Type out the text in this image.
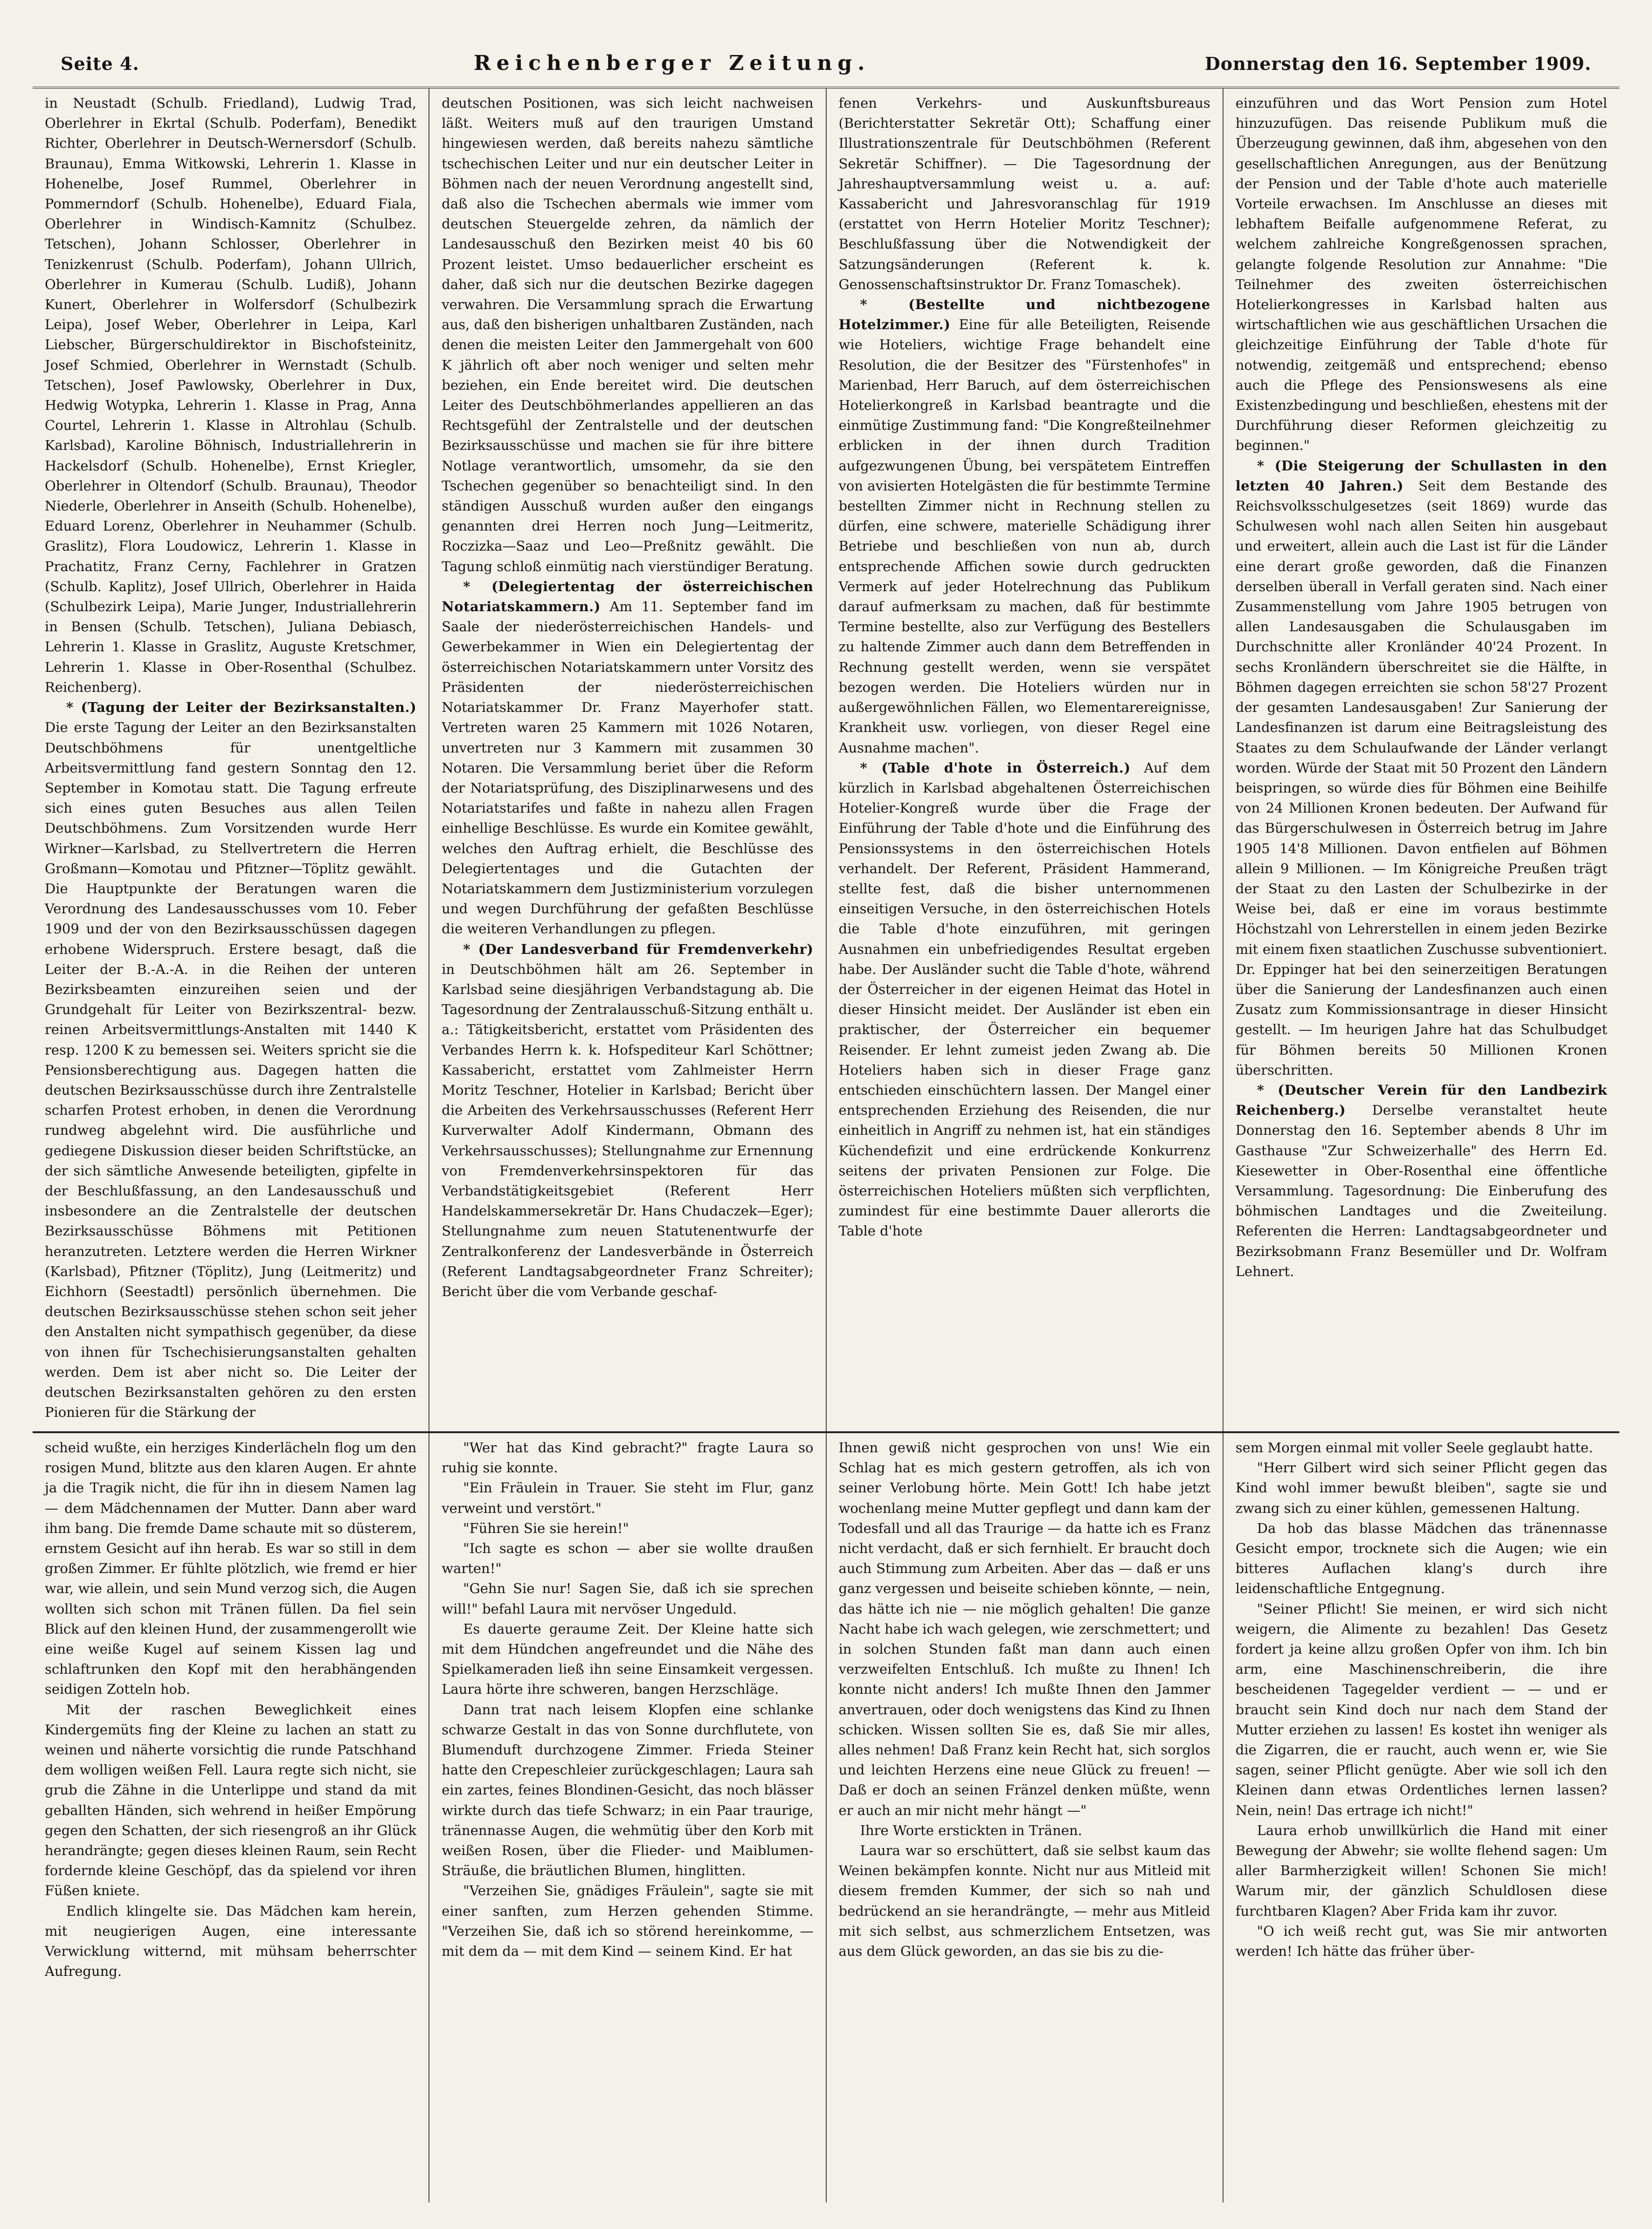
Seite 4.	Reichenberger Zeitung.	Donnerstag den 16. September 1909.

in Neustadt (Schulb. Friedland), Ludwig Trad, Oberlehrer in Ekrtal (Schulb. Poderfam), Benedikt Richter, Oberlehrer in Deutsch-Wernersdorf (Schulb. Braunau), Emma Witkowski, Lehrerin 1. Klasse in Hohenelbe, Josef Rummel, Oberlehrer in Pommerndorf (Schulb. Hohenelbe), Eduard Fiala, Oberlehrer in Windisch-Kamnitz (Schulbez. Tetschen), Johann Schlosser, Oberlehrer in Tenizkenrust (Schulb. Poderfam), Johann Ullrich, Oberlehrer in Kumerau (Schulb. Ludiß), Johann Kunert, Oberlehrer in Wolfersdorf (Schulbezirk Leipa), Josef Weber, Oberlehrer in Leipa, Karl Liebscher, Bürgerschuldirektor in Bischofsteinitz, Josef Schmied, Oberlehrer in Wernstadt (Schulb. Tetschen), Josef Pawlowsky, Oberlehrer in Dux, Hedwig Wotypka, Lehrerin 1. Klasse in Prag, Anna Courtel, Lehrerin 1. Klasse in Altrohlau (Schulb. Karlsbad), Karoline Böhnisch, Industriallehrerin in Hackelsdorf (Schulb. Hohenelbe), Ernst Kriegler, Oberlehrer in Oltendorf (Schulb. Braunau), Theodor Niederle, Oberlehrer in Anseith (Schulb. Hohenelbe), Eduard Lorenz, Oberlehrer in Neuhammer (Schulb. Graslitz), Flora Loudowicz, Lehrerin 1. Klasse in Prachatitz, Franz Cerny, Fachlehrer in Gratzen (Schulb. Kaplitz), Josef Ullrich, Oberlehrer in Haida (Schulbezirk Leipa), Marie Junger, Industriallehrerin in Bensen (Schulb. Tetschen), Juliana Debiasch, Lehrerin 1. Klasse in Graslitz, Auguste Kretschmer, Lehrerin 1. Klasse in Ober-Rosenthal (Schulbez. Reichenberg).

* (Tagung der Leiter der Bezirksanstalten.) Die erste Tagung der Leiter an den Bezirksanstalten Deutschböhmens für unentgeltliche Arbeitsvermittlung fand gestern Sonntag den 12. September in Komotau statt. Die Tagung erfreute sich eines guten Besuches aus allen Teilen Deutschböhmens. Zum Vorsitzenden wurde Herr Wirkner—Karlsbad, zu Stellvertretern die Herren Großmann—Komotau und Pfitzner—Töplitz gewählt. Die Hauptpunkte der Beratungen waren die Verordnung des Landesausschusses vom 10. Feber 1909 und der von den Bezirksausschüssen dagegen erhobene Widerspruch. Erstere besagt, daß die Leiter der B.-A.-A. in die Reihen der unteren Bezirksbeamten einzureihen seien und der Grundgehalt für Leiter von Bezirkszentral- bezw. reinen Arbeitsvermittlungs-Anstalten mit 1440 K resp. 1200 K zu bemessen sei. Weiters spricht sie die Pensionsberechtigung aus. Dagegen hatten die deutschen Bezirksausschüsse durch ihre Zentralstelle scharfen Protest erhoben, in denen die Verordnung rundweg abgelehnt wird. Die ausführliche und gediegene Diskussion dieser beiden Schriftstücke, an der sich sämtliche Anwesende beteiligten, gipfelte in der Beschlußfassung, an den Landesausschuß und insbesondere an die Zentralstelle der deutschen Bezirksausschüsse Böhmens mit Petitionen heranzutreten. Letztere werden die Herren Wirkner (Karlsbad), Pfitzner (Töplitz), Jung (Leitmeritz) und Eichhorn (Seestadtl) persönlich übernehmen. Die deutschen Bezirksausschüsse stehen schon seit jeher den Anstalten nicht sympathisch gegenüber, da diese von ihnen für Tschechisierungsanstalten gehalten werden. Dem ist aber nicht so. Die Leiter der deutschen Bezirksanstalten gehören zu den ersten Pionieren für die Stärkung der

deutschen Positionen, was sich leicht nachweisen läßt. Weiters muß auf den traurigen Umstand hingewiesen werden, daß bereits nahezu sämtliche tschechischen Leiter und nur ein deutscher Leiter in Böhmen nach der neuen Verordnung angestellt sind, daß also die Tschechen abermals wie immer vom deutschen Steuergelde zehren, da nämlich der Landesausschuß den Bezirken meist 40 bis 60 Prozent leistet. Umso bedauerlicher erscheint es daher, daß sich nur die deutschen Bezirke dagegen verwahren. Die Versammlung sprach die Erwartung aus, daß den bisherigen unhaltbaren Zuständen, nach denen die meisten Leiter den Jammergehalt von 600 K jährlich oft aber noch weniger und selten mehr beziehen, ein Ende bereitet wird. Die deutschen Leiter des Deutschböhmerlandes appellieren an das Rechtsgefühl der Zentralstelle und der deutschen Bezirksausschüsse und machen sie für ihre bittere Notlage verantwortlich, umsomehr, da sie den Tschechen gegenüber so benachteiligt sind. In den ständigen Ausschuß wurden außer den eingangs genannten drei Herren noch Jung—Leitmeritz, Roczizka—Saaz und Leo—Preßnitz gewählt. Die Tagung schloß einmütig nach vierstündiger Beratung.

* (Delegiertentag der österreichischen Notariatskammern.) Am 11. September fand im Saale der niederösterreichischen Handels- und Gewerbekammer in Wien ein Delegiertentag der österreichischen Notariatskammern unter Vorsitz des Präsidenten der niederösterreichischen Notariatskammer Dr. Franz Mayerhofer statt. Vertreten waren 25 Kammern mit 1026 Notaren, unvertreten nur 3 Kammern mit zusammen 30 Notaren. Die Versammlung beriet über die Reform der Notariatsprüfung, des Disziplinarwesens und des Notariatstarifes und faßte in nahezu allen Fragen einhellige Beschlüsse. Es wurde ein Komitee gewählt, welches den Auftrag erhielt, die Beschlüsse des Delegiertentages und die Gutachten der Notariatskammern dem Justizministerium vorzulegen und wegen Durchführung der gefaßten Beschlüsse die weiteren Verhandlungen zu pflegen.

* (Der Landesverband für Fremdenverkehr) in Deutschböhmen hält am 26. September in Karlsbad seine diesjährigen Verbandstagung ab. Die Tagesordnung der Zentralausschuß-Sitzung enthält u. a.: Tätigkeitsbericht, erstattet vom Präsidenten des Verbandes Herrn k. k. Hofspediteur Karl Schöttner; Kassabericht, erstattet vom Zahlmeister Herrn Moritz Teschner, Hotelier in Karlsbad; Bericht über die Arbeiten des Verkehrsausschusses (Referent Herr Kurverwalter Adolf Kindermann, Obmann des Verkehrsausschusses); Stellungnahme zur Ernennung von Fremdenverkehrsinspektoren für das Verbandstätigkeitsgebiet (Referent Herr Handelskammersekretär Dr. Hans Chudaczek—Eger); Stellungnahme zum neuen Statutenentwurfe der Zentralkonferenz der Landesverbände in Österreich (Referent Landtagsabgeordneter Franz Schreiter); Bericht über die vom Verbande geschaf-

fenen Verkehrs- und Auskunftsbureaus (Berichterstatter Sekretär Ott); Schaffung einer Illustrationszentrale für Deutschböhmen (Referent Sekretär Schiffner). — Die Tagesordnung der Jahreshauptversammlung weist u. a. auf: Kassabericht und Jahresvoranschlag für 1919 (erstattet von Herrn Hotelier Moritz Teschner); Beschlußfassung über die Notwendigkeit der Satzungsänderungen (Referent k. k. Genossenschaftsinstruktor Dr. Franz Tomaschek).

* (Bestellte und nichtbezogene Hotelzimmer.) Eine für alle Beteiligten, Reisende wie Hoteliers, wichtige Frage behandelt eine Resolution, die der Besitzer des "Fürstenhofes" in Marienbad, Herr Baruch, auf dem österreichischen Hotelierkongreß in Karlsbad beantragte und die einmütige Zustimmung fand: "Die Kongreßteilnehmer erblicken in der ihnen durch Tradition aufgezwungenen Übung, bei verspätetem Eintreffen von avisierten Hotelgästen die für bestimmte Termine bestellten Zimmer nicht in Rechnung stellen zu dürfen, eine schwere, materielle Schädigung ihrer Betriebe und beschließen von nun ab, durch entsprechende Affichen sowie durch gedruckten Vermerk auf jeder Hotelrechnung das Publikum darauf aufmerksam zu machen, daß für bestimmte Termine bestellte, also zur Verfügung des Bestellers zu haltende Zimmer auch dann dem Betreffenden in Rechnung gestellt werden, wenn sie verspätet bezogen werden. Die Hoteliers würden nur in außergewöhnlichen Fällen, wo Elementarereignisse, Krankheit usw. vorliegen, von dieser Regel eine Ausnahme machen".

* (Table d'hote in Österreich.) Auf dem kürzlich in Karlsbad abgehaltenen Österreichischen Hotelier-Kongreß wurde über die Frage der Einführung der Table d'hote und die Einführung des Pensionssystems in den österreichischen Hotels verhandelt. Der Referent, Präsident Hammerand, stellte fest, daß die bisher unternommenen einseitigen Versuche, in den österreichischen Hotels die Table d'hote einzuführen, mit geringen Ausnahmen ein unbefriedigendes Resultat ergeben habe. Der Ausländer sucht die Table d'hote, während der Österreicher in der eigenen Heimat das Hotel in dieser Hinsicht meidet. Der Ausländer ist eben ein praktischer, der Österreicher ein bequemer Reisender. Er lehnt zumeist jeden Zwang ab. Die Hoteliers haben sich in dieser Frage ganz entschieden einschüchtern lassen. Der Mangel einer entsprechenden Erziehung des Reisenden, die nur einheitlich in Angriff zu nehmen ist, hat ein ständiges Küchendefizit und eine erdrückende Konkurrenz seitens der privaten Pensionen zur Folge. Die österreichischen Hoteliers müßten sich verpflichten, zumindest für eine bestimmte Dauer allerorts die Table d'hote

einzuführen und das Wort Pension zum Hotel hinzuzufügen. Das reisende Publikum muß die Überzeugung gewinnen, daß ihm, abgesehen von den gesellschaftlichen Anregungen, aus der Benützung der Pension und der Table d'hote auch materielle Vorteile erwachsen. Im Anschlusse an dieses mit lebhaftem Beifalle aufgenommene Referat, zu welchem zahlreiche Kongreßgenossen sprachen, gelangte folgende Resolution zur Annahme: "Die Teilnehmer des zweiten österreichischen Hotelierkongresses in Karlsbad halten aus wirtschaftlichen wie aus geschäftlichen Ursachen die gleichzeitige Einführung der Table d'hote für notwendig, zeitgemäß und entsprechend; ebenso auch die Pflege des Pensionswesens als eine Existenzbedingung und beschließen, ehestens mit der Durchführung dieser Reformen gleichzeitig zu beginnen."

* (Die Steigerung der Schullasten in den letzten 40 Jahren.) Seit dem Bestande des Reichsvolksschulgesetzes (seit 1869) wurde das Schulwesen wohl nach allen Seiten hin ausgebaut und erweitert, allein auch die Last ist für die Länder eine derart große geworden, daß die Finanzen derselben überall in Verfall geraten sind. Nach einer Zusammenstellung vom Jahre 1905 betrugen von allen Landesausgaben die Schulausgaben im Durchschnitte aller Kronländer 40'24 Prozent. In sechs Kronländern überschreitet sie die Hälfte, in Böhmen dagegen erreichten sie schon 58'27 Prozent der gesamten Landesausgaben! Zur Sanierung der Landesfinanzen ist darum eine Beitragsleistung des Staates zu dem Schulaufwande der Länder verlangt worden. Würde der Staat mit 50 Prozent den Ländern beispringen, so würde dies für Böhmen eine Beihilfe von 24 Millionen Kronen bedeuten. Der Aufwand für das Bürgerschulwesen in Österreich betrug im Jahre 1905 14'8 Millionen. Davon entfielen auf Böhmen allein 9 Millionen. — Im Königreiche Preußen trägt der Staat zu den Lasten der Schulbezirke in der Weise bei, daß er eine im voraus bestimmte Höchstzahl von Lehrerstellen in einem jeden Bezirke mit einem fixen staatlichen Zuschusse subventioniert. Dr. Eppinger hat bei den seinerzeitigen Beratungen über die Sanierung der Landesfinanzen auch einen Zusatz zum Kommissionsantrage in dieser Hinsicht gestellt. — Im heurigen Jahre hat das Schulbudget für Böhmen bereits 50 Millionen Kronen überschritten.

* (Deutscher Verein für den Landbezirk Reichenberg.) Derselbe veranstaltet heute Donnerstag den 16. September abends 8 Uhr im Gasthause "Zur Schweizerhalle" des Herrn Ed. Kiesewetter in Ober-Rosenthal eine öffentliche Versammlung. Tagesordnung: Die Einberufung des böhmischen Landtages und die Zweiteilung. Referenten die Herren: Landtagsabgeordneter und Bezirksobmann Franz Besemüller und Dr. Wolfram Lehnert.

scheid wußte, ein herziges Kinderlächeln flog um den rosigen Mund, blitzte aus den klaren Augen. Er ahnte ja die Tragik nicht, die für ihn in diesem Namen lag — dem Mädchennamen der Mutter. Dann aber ward ihm bang. Die fremde Dame schaute mit so düsterem, ernstem Gesicht auf ihn herab. Es war so still in dem großen Zimmer. Er fühlte plötzlich, wie fremd er hier war, wie allein, und sein Mund verzog sich, die Augen wollten sich schon mit Tränen füllen. Da fiel sein Blick auf den kleinen Hund, der zusammengerollt wie eine weiße Kugel auf seinem Kissen lag und schlaftrunken den Kopf mit den herabhängenden seidigen Zotteln hob.

Mit der raschen Beweglichkeit eines Kindergemüts fing der Kleine zu lachen an statt zu weinen und näherte vorsichtig die runde Patschhand dem wolligen weißen Fell. Laura regte sich nicht, sie grub die Zähne in die Unterlippe und stand da mit geballten Händen, sich wehrend in heißer Empörung gegen den Schatten, der sich riesengroß an ihr Glück herandrängte; gegen dieses kleinen Raum, sein Recht fordernde kleine Geschöpf, das da spielend vor ihren Füßen kniete.

Endlich klingelte sie. Das Mädchen kam herein, mit neugierigen Augen, eine interessante Verwicklung witternd, mit mühsam beherrschter Aufregung.

"Wer hat das Kind gebracht?" fragte Laura so ruhig sie konnte.

"Ein Fräulein in Trauer. Sie steht im Flur, ganz verweint und verstört."

"Führen Sie sie herein!"

"Ich sagte es schon — aber sie wollte draußen warten!"

"Gehn Sie nur! Sagen Sie, daß ich sie sprechen will!" befahl Laura mit nervöser Ungeduld.

Es dauerte geraume Zeit. Der Kleine hatte sich mit dem Hündchen angefreundet und die Nähe des Spielkameraden ließ ihn seine Einsamkeit vergessen. Laura hörte ihre schweren, bangen Herzschläge.

Dann trat nach leisem Klopfen eine schlanke schwarze Gestalt in das von Sonne durchflutete, von Blumenduft durchzogene Zimmer. Frieda Steiner hatte den Crepeschleier zurückgeschlagen; Laura sah ein zartes, feines Blondinen-Gesicht, das noch blässer wirkte durch das tiefe Schwarz; in ein Paar traurige, tränennasse Augen, die wehmütig über den Korb mit weißen Rosen, über die Flieder- und Maiblumen-Sträuße, die bräutlichen Blumen, hinglitten.

"Verzeihen Sie, gnädiges Fräulein", sagte sie mit einer sanften, zum Herzen gehenden Stimme. "Verzeihen Sie, daß ich so störend hereinkomme, — mit dem da — mit dem Kind — seinem Kind. Er hat

Ihnen gewiß nicht gesprochen von uns! Wie ein Schlag hat es mich gestern getroffen, als ich von seiner Verlobung hörte. Mein Gott! Ich habe jetzt wochenlang meine Mutter gepflegt und dann kam der Todesfall und all das Traurige — da hatte ich es Franz nicht verdacht, daß er sich fernhielt. Er braucht doch auch Stimmung zum Arbeiten. Aber das — daß er uns ganz vergessen und beiseite schieben könnte, — nein, das hätte ich nie — nie möglich gehalten! Die ganze Nacht habe ich wach gelegen, wie zerschmettert; und in solchen Stunden faßt man dann auch einen verzweifelten Entschluß. Ich mußte zu Ihnen! Ich konnte nicht anders! Ich mußte Ihnen den Jammer anvertrauen, oder doch wenigstens das Kind zu Ihnen schicken. Wissen sollten Sie es, daß Sie mir alles, alles nehmen! Daß Franz kein Recht hat, sich sorglos und leichten Herzens eine neue Glück zu freuen! — Daß er doch an seinen Fränzel denken müßte, wenn er auch an mir nicht mehr hängt —"

Ihre Worte erstickten in Tränen.

Laura war so erschüttert, daß sie selbst kaum das Weinen bekämpfen konnte. Nicht nur aus Mitleid mit diesem fremden Kummer, der sich so nah und bedrückend an sie herandrängte, — mehr aus Mitleid mit sich selbst, aus schmerzlichem Entsetzen, was aus dem Glück geworden, an das sie bis zu die-

sem Morgen einmal mit voller Seele geglaubt hatte.

"Herr Gilbert wird sich seiner Pflicht gegen das Kind wohl immer bewußt bleiben", sagte sie und zwang sich zu einer kühlen, gemessenen Haltung.

Da hob das blasse Mädchen das tränennasse Gesicht empor, trocknete sich die Augen; wie ein bitteres Auflachen klang's durch ihre leidenschaftliche Entgegnung.

"Seiner Pflicht! Sie meinen, er wird sich nicht weigern, die Alimente zu bezahlen! Das Gesetz fordert ja keine allzu großen Opfer von ihm. Ich bin arm, eine Maschinenschreiberin, die ihre bescheidenen Tagegelder verdient — — und er braucht sein Kind doch nur nach dem Stand der Mutter erziehen zu lassen! Es kostet ihn weniger als die Zigarren, die er raucht, auch wenn er, wie Sie sagen, seiner Pflicht genügte. Aber wie soll ich den Kleinen dann etwas Ordentliches lernen lassen? Nein, nein! Das ertrage ich nicht!"

Laura erhob unwillkürlich die Hand mit einer Bewegung der Abwehr; sie wollte flehend sagen: Um aller Barmherzigkeit willen! Schonen Sie mich! Warum mir, der gänzlich Schuldlosen diese furchtbaren Klagen? Aber Frida kam ihr zuvor.

"O ich weiß recht gut, was Sie mir antworten werden! Ich hätte das früher über-
